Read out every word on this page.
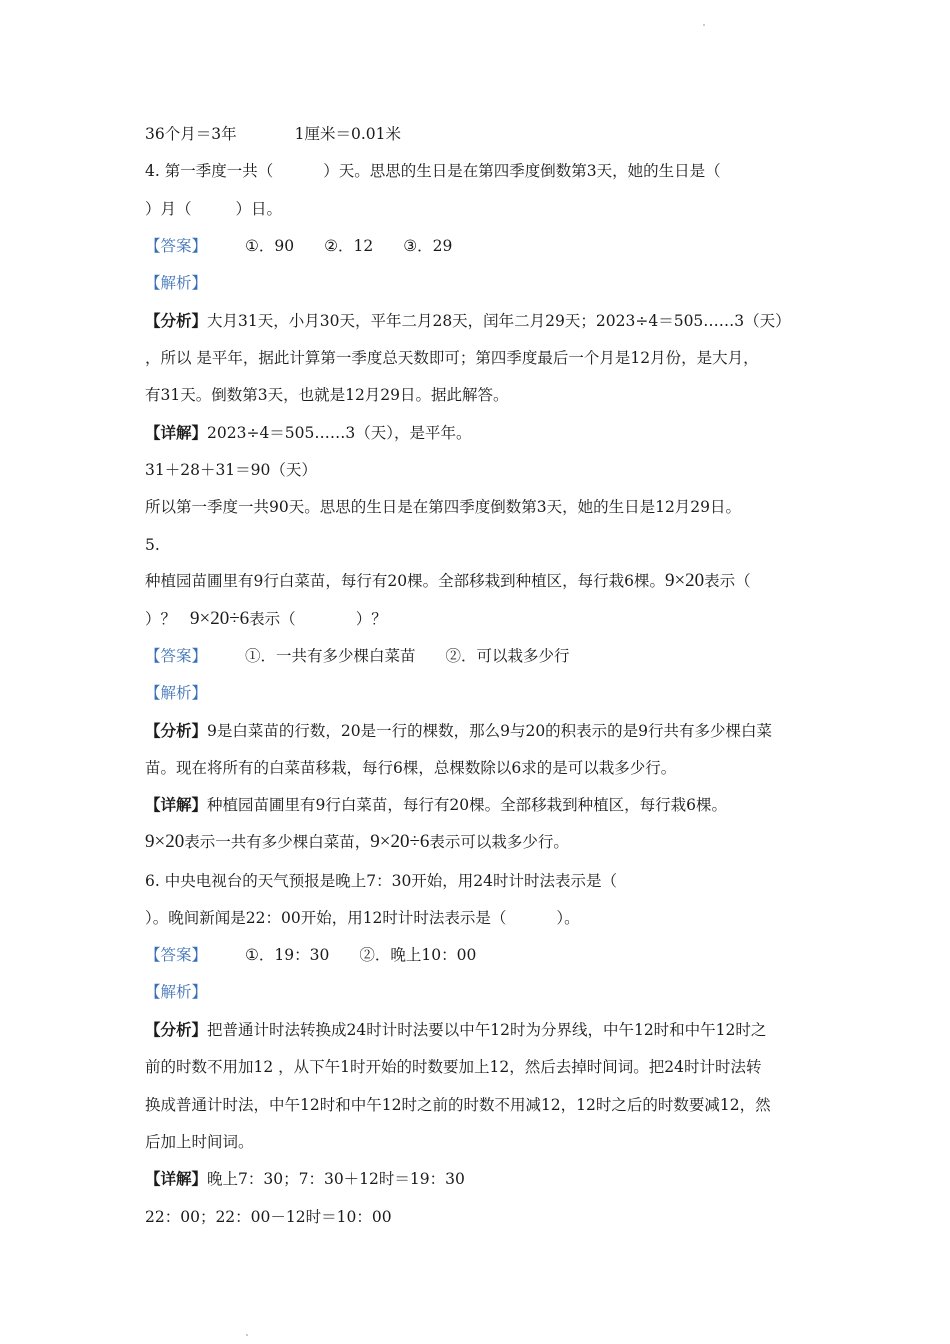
36个月＝3年	1厘米＝0.01米
4. 第一季度一共（	）天。思思的生日是在第四季度倒数第3天，她的生日是（
）月（	）日。
【答案】 ①．90 ②．12 ③．29
【解析】
【分析】大月31天，小月30天，平年二月28天，闰年二月29天；2023÷4＝505……3（天）
，所以 是平年，据此计算第一季度总天数即可；第四季度最后一个月是12月份，是大月，
有31天。倒数第3天，也就是12月29日。据此解答。
【详解】2023÷4＝505……3（天），是平年。
31＋28＋31＝90（天）
所以第一季度一共90天。思思的生日是在第四季度倒数第3天，她的生日是12月29日。
5.
种植园苗圃里有9行白菜苗，每行有20棵。全部移栽到种植区，每行栽6棵。9×20表示（
）？ 9×20÷6表示（	）？
【答案】 ①．一共有多少棵白菜苗 ②．可以栽多少行
【解析】
【分析】9是白菜苗的行数，20是一行的棵数，那么9与20的积表示的是9行共有多少棵白菜
苗。现在将所有的白菜苗移栽，每行6棵，总棵数除以6求的是可以栽多少行。
【详解】种植园苗圃里有9行白菜苗，每行有20棵。全部移栽到种植区，每行栽6棵。
9×20表示一共有多少棵白菜苗，9×20÷6表示可以栽多少行。
6. 中央电视台的天气预报是晚上7：30开始，用24时计时法表示是（
）。晚间新闻是22：00开始，用12时计时法表示是（	）。
【答案】 ①．19：30 ②．晚上10：00
【解析】
【分析】把普通计时法转换成24时计时法要以中午12时为分界线，中午12时和中午12时之
前的时数不用加12 ，从下午1时开始的时数要加上12，然后去掉时间词。把24时计时法转
换成普通计时法，中午12时和中午12时之前的时数不用减12，12时之后的时数要减12，然
后加上时间词。
【详解】晚上7：30；7：30＋12时＝19：30
22：00；22：00－12时＝10：00
